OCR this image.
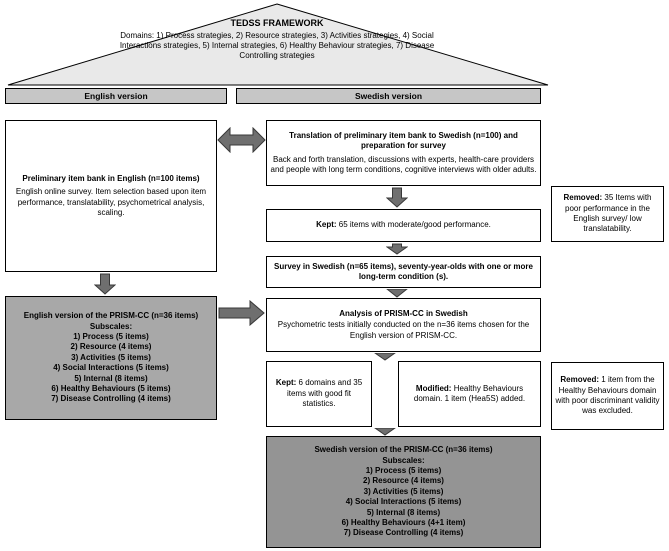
TEDSS FRAMEWORK
Domains: 1) Process strategies, 2) Resource strategies, 3) Activities strategies, 4) Social Interactions strategies, 5) Internal strategies, 6) Healthy Behaviour strategies, 7) Disease Controlling strategies
English version	Swedish version
Preliminary item bank in English (n=100 items)
English online survey. Item selection based upon item performance, translatability, psychometrical analysis, scaling.
English version of the PRISM-CC (n=36 items)
Subscales:
1) Process (5 items)
2) Resource (4 items)
3) Activities (5 items)
4) Social Interactions (5 items)
5) Internal (8 items)
6) Healthy Behaviours (5 items)
7) Disease Controlling (4 items)
Translation of preliminary item bank to Swedish (n=100) and preparation for survey
Back and forth translation, discussions with experts, health-care providers and people with long term conditions, cognitive interviews with older adults.
Kept: 65 items with moderate/good performance.
Survey in Swedish (n=65 items), seventy-year-olds with one or more long-term condition (s).
Analysis of PRISM-CC in Swedish
Psychometric tests initially conducted on the n=36 items chosen for the English version of PRISM-CC.
Kept: 6 domains and 35 items with good fit statistics.
Modified: Healthy Behaviours domain. 1 item (Hea5S) added.
Swedish version of the PRISM-CC (n=36 items)
Subscales:
1) Process (5 items)
2) Resource (4 items)
3) Activities (5 items)
4) Social Interactions (5 items)
5) Internal (8 items)
6) Healthy Behaviours (4+1 item)
7) Disease Controlling (4 items)
Removed: 35 Items with poor performance in the English survey/ low translatability.
Removed: 1 item from the Healthy Behaviours domain with poor discriminant validity was excluded.
